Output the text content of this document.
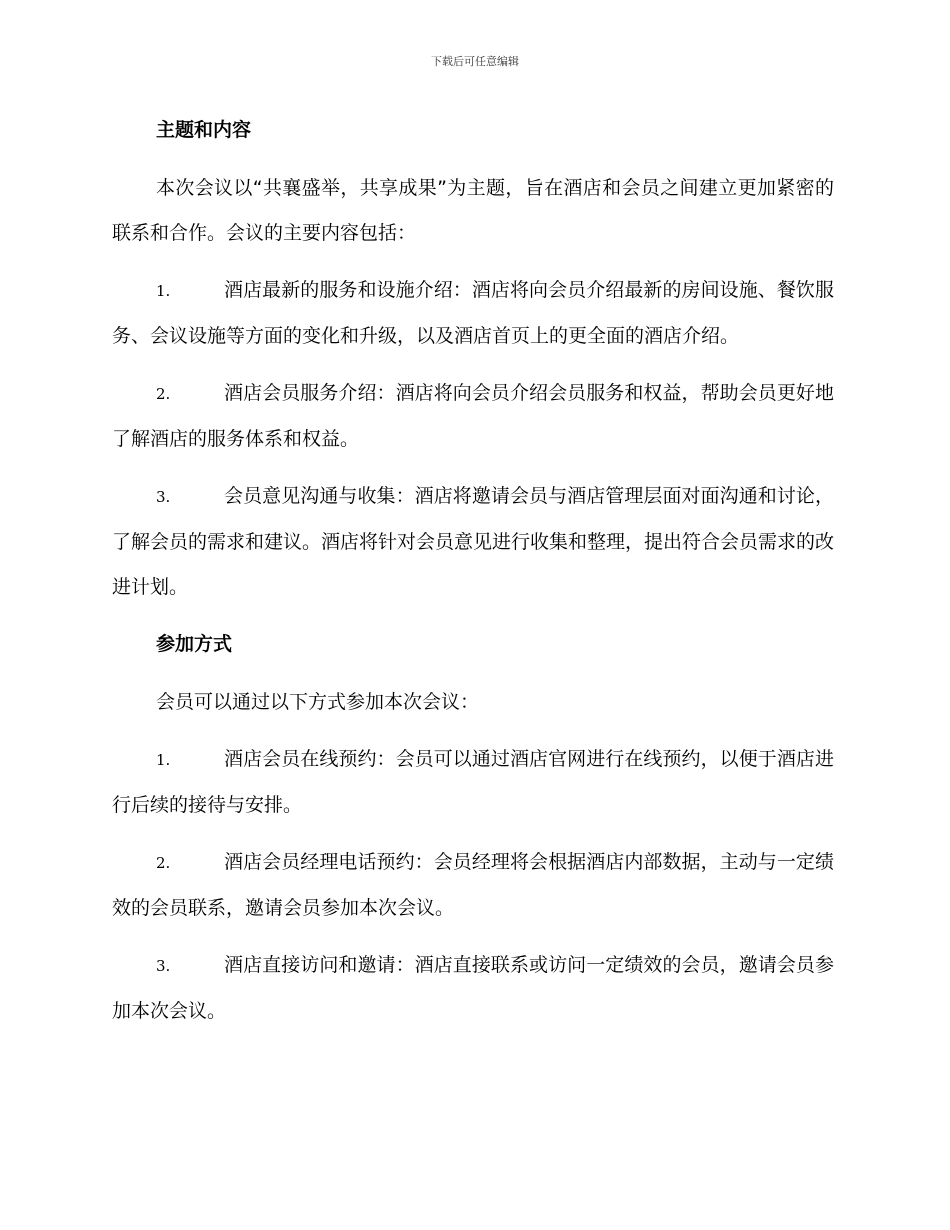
下载后可任意编辑
主题和内容
本次会议以“共襄盛举，共享成果”为主题，旨在酒店和会员之间建立更加紧密的联系和合作。会议的主要内容包括：
1.	酒店最新的服务和设施介绍：酒店将向会员介绍最新的房间设施、餐饮服务、会议设施等方面的变化和升级，以及酒店首页上的更全面的酒店介绍。
2.	酒店会员服务介绍：酒店将向会员介绍会员服务和权益，帮助会员更好地了解酒店的服务体系和权益。
3.	会员意见沟通与收集：酒店将邀请会员与酒店管理层面对面沟通和讨论，了解会员的需求和建议。酒店将针对会员意见进行收集和整理，提出符合会员需求的改进计划。
参加方式
会员可以通过以下方式参加本次会议：
1.	酒店会员在线预约：会员可以通过酒店官网进行在线预约，以便于酒店进行后续的接待与安排。
2.	酒店会员经理电话预约：会员经理将会根据酒店内部数据，主动与一定绩效的会员联系，邀请会员参加本次会议。
3.	酒店直接访问和邀请：酒店直接联系或访问一定绩效的会员，邀请会员参加本次会议。
